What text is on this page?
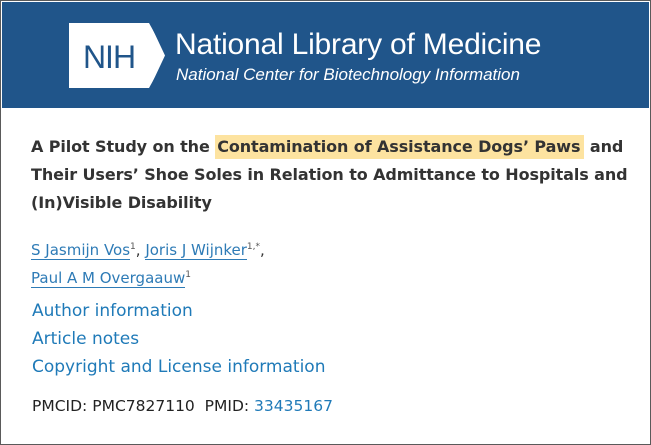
NIH National Library of Medicine
National Center for Biotechnology Information
A Pilot Study on the Contamination of Assistance Dogs’ Paws and Their Users’ Shoe Soles in Relation to Admittance to Hospitals and (In)Visible Disability
S Jasmijn Vos$^1$, Joris J Wijnker$^{1,*}$,
Paul A M Overgaauw$^1$
Author information
Article notes
Copyright and License information
PMCID: PMC7827110 PMID: 33435167
